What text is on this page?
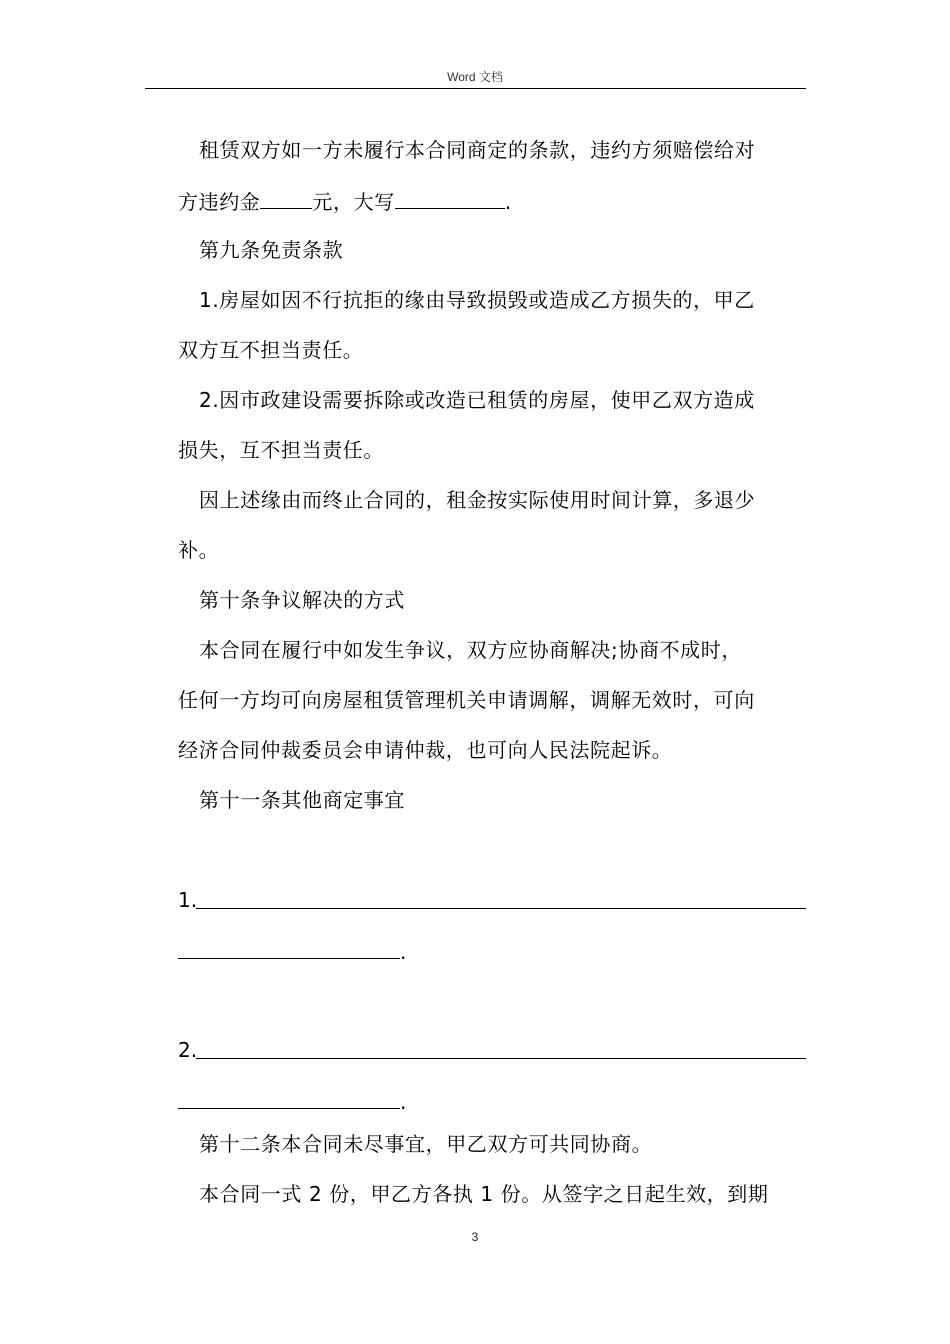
Word 文档
租赁双方如一方未履行本合同商定的条款，违约方须赔偿给对
方违约金	元，大写	.
第九条免责条款
1.房屋如因不行抗拒的缘由导致损毁或造成乙方损失的，甲乙
双方互不担当责任。
2.因市政建设需要拆除或改造已租赁的房屋，使甲乙双方造成
损失，互不担当责任。
因上述缘由而终止合同的，租金按实际使用时间计算，多退少
补。
第十条争议解决的方式
本合同在履行中如发生争议，双方应协商解决;协商不成时，
任何一方均可向房屋租赁管理机关申请调解，调解无效时，可向
经济合同仲裁委员会申请仲裁，也可向人民法院起诉。
第十一条其他商定事宜
1.
.
2.
.
第十二条本合同未尽事宜，甲乙双方可共同协商。
本合同一式 2 份，甲乙方各执 1 份。从签字之日起生效，到期
3
